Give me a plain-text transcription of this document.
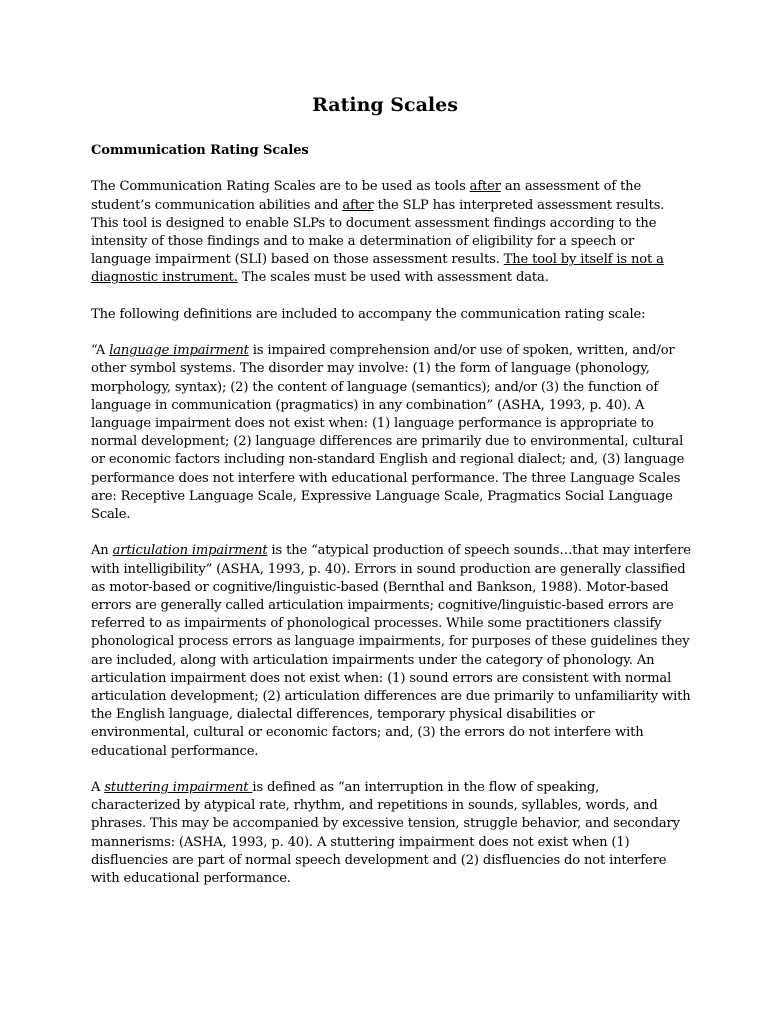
Rating Scales

Communication Rating Scales

The Communication Rating Scales are to be used as tools after an assessment of the student’s communication abilities and after the SLP has interpreted assessment results. This tool is designed to enable SLPs to document assessment findings according to the intensity of those findings and to make a determination of eligibility for a speech or language impairment (SLI) based on those assessment results. The tool by itself is not a diagnostic instrument. The scales must be used with assessment data.

The following definitions are included to accompany the communication rating scale:

“A language impairment is impaired comprehension and/or use of spoken, written, and/or other symbol systems. The disorder may involve: (1) the form of language (phonology, morphology, syntax); (2) the content of language (semantics); and/or (3) the function of language in communication (pragmatics) in any combination” (ASHA, 1993, p. 40). A language impairment does not exist when: (1) language performance is appropriate to normal development; (2) language differences are primarily due to environmental, cultural or economic factors including non-standard English and regional dialect; and, (3) language performance does not interfere with educational performance. The three Language Scales are: Receptive Language Scale, Expressive Language Scale, Pragmatics Social Language Scale.

An articulation impairment is the “atypical production of speech sounds…that may interfere with intelligibility” (ASHA, 1993, p. 40). Errors in sound production are generally classified as motor-based or cognitive/linguistic-based (Bernthal and Bankson, 1988). Motor-based errors are generally called articulation impairments; cognitive/linguistic-based errors are referred to as impairments of phonological processes. While some practitioners classify phonological process errors as language impairments, for purposes of these guidelines they are included, along with articulation impairments under the category of phonology. An articulation impairment does not exist when: (1) sound errors are consistent with normal articulation development; (2) articulation differences are due primarily to unfamiliarity with the English language, dialectal differences, temporary physical disabilities or environmental, cultural or economic factors; and, (3) the errors do not interfere with educational performance.

A stuttering impairment is defined as “an interruption in the flow of speaking, characterized by atypical rate, rhythm, and repetitions in sounds, syllables, words, and phrases. This may be accompanied by excessive tension, struggle behavior, and secondary mannerisms: (ASHA, 1993, p. 40). A stuttering impairment does not exist when (1) disfluencies are part of normal speech development and (2) disfluencies do not interfere with educational performance.
